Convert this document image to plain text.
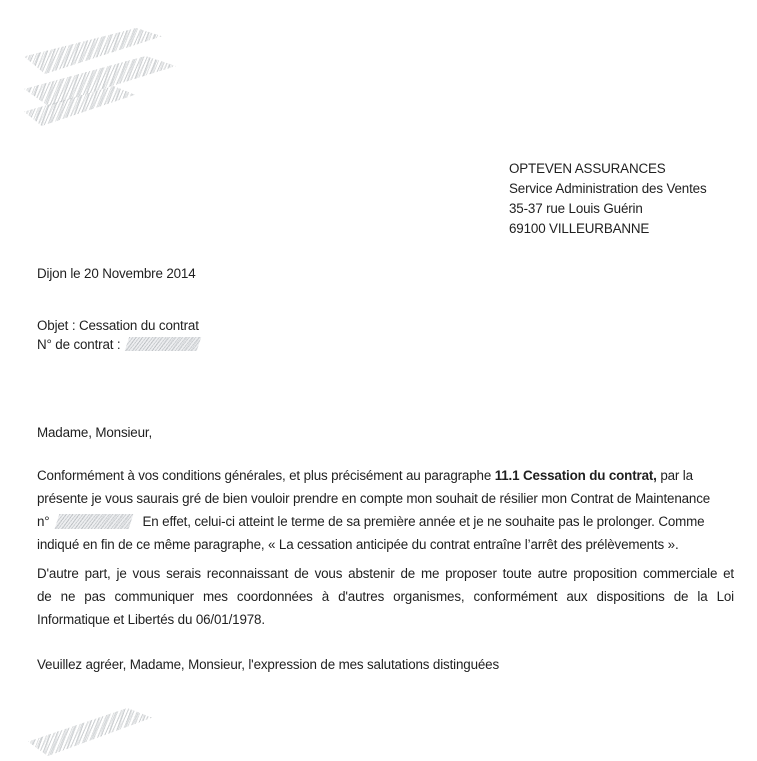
OPTEVEN ASSURANCES
Service Administration des Ventes
35-37 rue Louis Guérin
69100 VILLEURBANNE
Dijon le 20 Novembre 2014
Objet : Cessation du contrat
N° de contrat :
Madame, Monsieur,
Conformément à vos conditions générales, et plus précisément au paragraphe 11.1 Cessation du contrat, par la
présente je vous saurais gré de bien vouloir prendre en compte mon souhait de résilier mon Contrat de Maintenance
n°	En effet, celui-ci atteint le terme de sa première année et je ne souhaite pas le prolonger. Comme
indiqué en fin de ce même paragraphe, « La cessation anticipée du contrat entraîne l’arrêt des prélèvements ».
D'autre part, je vous serais reconnaissant de vous abstenir de me proposer toute autre proposition commerciale et
de ne pas communiquer mes coordonnées à d'autres organismes, conformément aux dispositions de la Loi
Informatique et Libertés du 06/01/1978.
Veuillez agréer, Madame, Monsieur, l'expression de mes salutations distinguées
